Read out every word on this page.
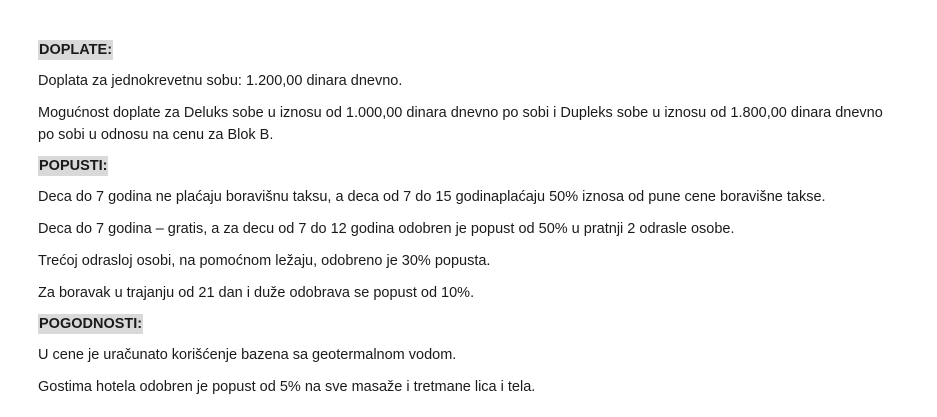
DOPLATE:

Doplata za jednokrevetnu sobu: 1.200,00 dinara dnevno.

Mogućnost doplate za Deluks sobe u iznosu od 1.000,00 dinara dnevno po sobi i Dupleks sobe u iznosu od 1.800,00 dinara dnevno po sobi u odnosu na cenu za Blok B.

POPUSTI:

Deca do 7 godina ne plaćaju boravišnu taksu, a deca od 7 do 15 godinaplaćaju 50% iznosa od pune cene boravišne takse.

Deca do 7 godina – gratis, a za decu od 7 do 12 godina odobren je popust od 50% u pratnji 2 odrasle osobe.

Trećoj odrasloj osobi, na pomoćnom ležaju, odobreno je 30% popusta.

Za boravak u trajanju od 21 dan i duže odobrava se popust od 10%.

POGODNOSTI:

U cene je uračunato korišćenje bazena sa geotermalnom vodom.

Gostima hotela odobren je popust od 5% na sve masaže i tretmane lica i tela.
